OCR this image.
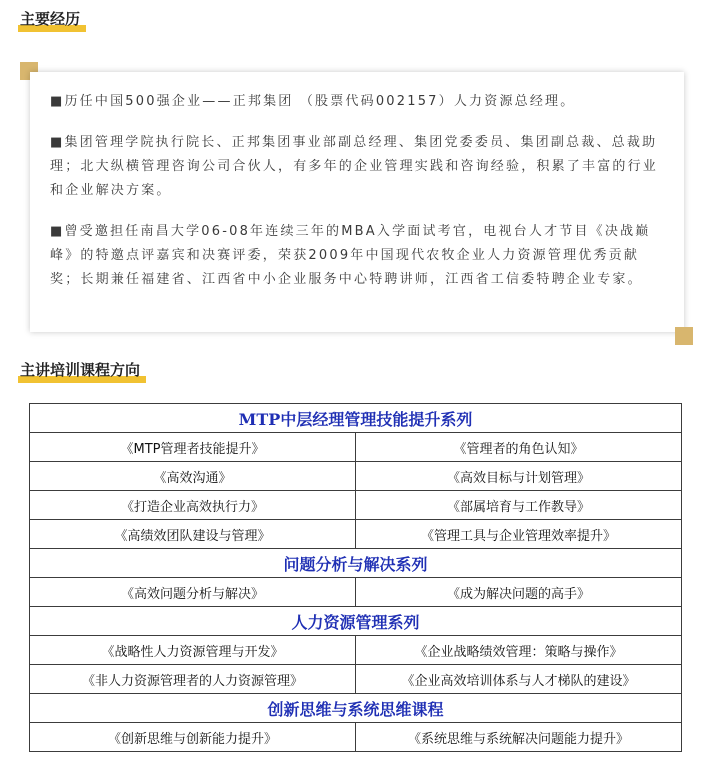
主要经历

■历任中国500强企业——正邦集团 （股票代码002157）人力资源总经理。

■集团管理学院执行院长、正邦集团事业部副总经理、集团党委委员、集团副总裁、总裁助理；北大纵横管理咨询公司合伙人，有多年的企业管理实践和咨询经验，积累了丰富的行业和企业解决方案。

■曾受邀担任南昌大学06-08年连续三年的MBA入学面试考官，电视台人才节目《决战巅峰》的特邀点评嘉宾和决赛评委，荣获2009年中国现代农牧企业人力资源管理优秀贡献奖；长期兼任福建省、江西省中小企业服务中心特聘讲师，江西省工信委特聘企业专家。

主讲培训课程方向
MTP中层经理管理技能提升系列	
《MTP管理者技能提升》	《管理者的角色认知》
《高效沟通》	《高效目标与计划管理》
《打造企业高效执行力》	《部属培育与工作教导》
《高绩效团队建设与管理》	《管理工具与企业管理效率提升》
问题分析与解决系列	
《高效问题分析与解决》	《成为解决问题的高手》
人力资源管理系列	
《战略性人力资源管理与开发》	《企业战略绩效管理：策略与操作》
《非人力资源管理者的人力资源管理》	《企业高效培训体系与人才梯队的建设》
创新思维与系统思维课程	
《创新思维与创新能力提升》	《系统思维与系统解决问题能力提升》
